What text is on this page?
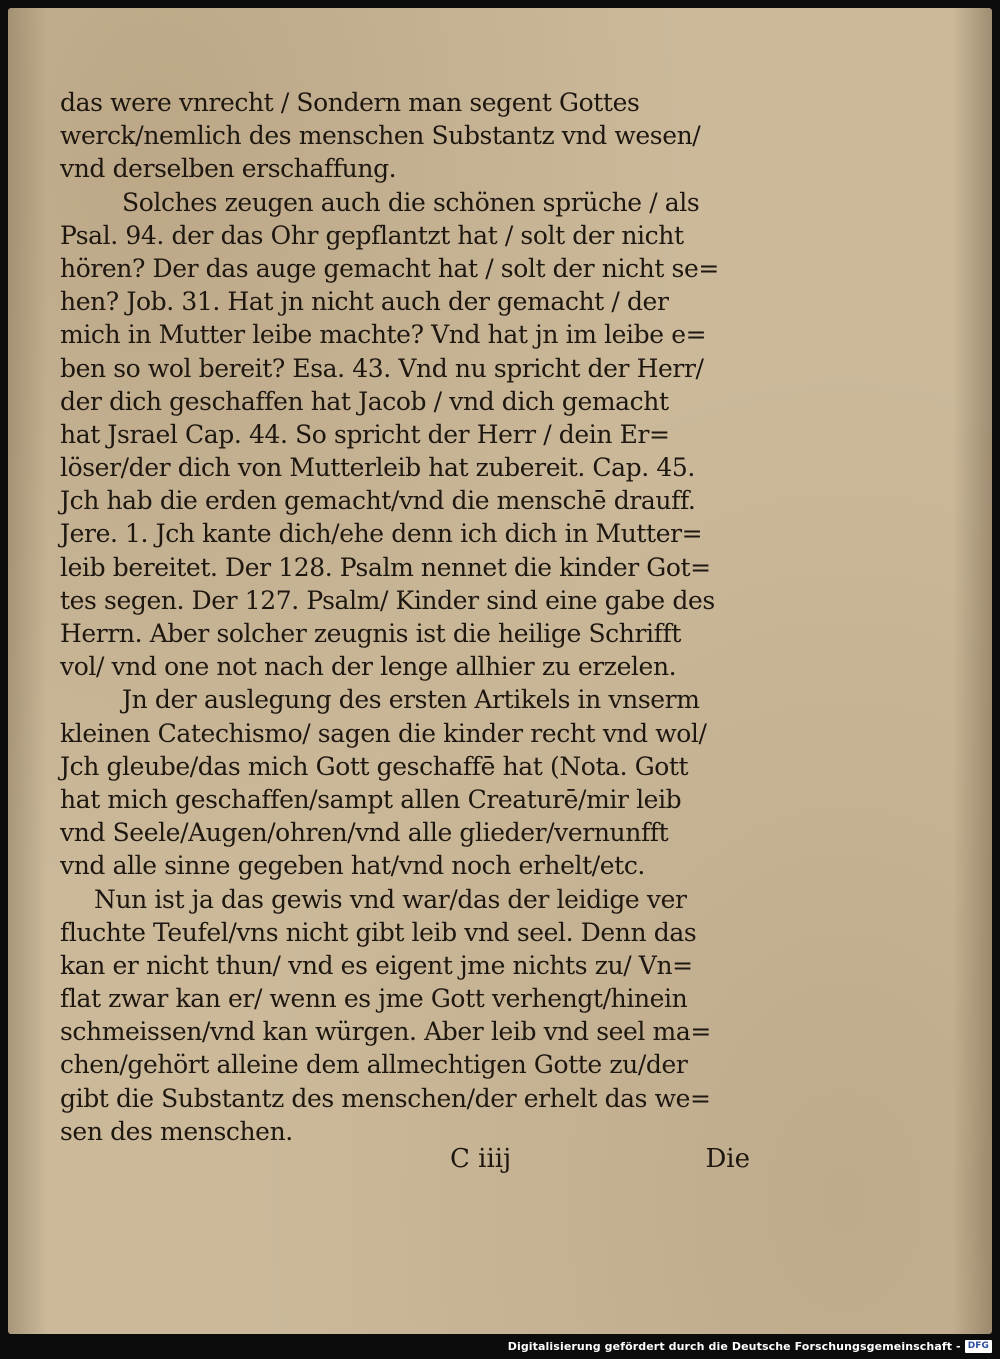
das were vnrecht / Sondern man segent Gottes
werck/nemlich des menschen Substantz vnd wesen/
vnd derselben erschaffung.
Solches zeugen auch die schönen sprüche / als
Psal. 94. der das Ohr gepflantzt hat / solt der nicht
hören? Der das auge gemacht hat / solt der nicht se=
hen? Job. 31. Hat jn nicht auch der gemacht / der
mich in Mutter leibe machte? Vnd hat jn im leibe e=
ben so wol bereit? Esa. 43. Vnd nu spricht der Herr/
der dich geschaffen hat Jacob / vnd dich gemacht
hat Jsrael Cap. 44. So spricht der Herr / dein Er=
löser/der dich von Mutterleib hat zubereit. Cap. 45.
Jch hab die erden gemacht/vnd die menschē drauff.
Jere. 1. Jch kante dich/ehe denn ich dich in Mutter=
leib bereitet. Der 128. Psalm nennet die kinder Got=
tes segen. Der 127. Psalm/ Kinder sind eine gabe des
Herrn. Aber solcher zeugnis ist die heilige Schrifft
vol/ vnd one not nach der lenge allhier zu erzelen.
Jn der auslegung des ersten Artikels in vnserm
kleinen Catechismo/ sagen die kinder recht vnd wol/
Jch gleube/das mich Gott geschaffē hat (Nota. Gott
hat mich geschaffen/sampt allen Creaturē/mir leib
vnd Seele/Augen/ohren/vnd alle glieder/vernunfft
vnd alle sinne gegeben hat/vnd noch erhelt/etc.
Nun ist ja das gewis vnd war/das der leidige ver
fluchte Teufel/vns nicht gibt leib vnd seel. Denn das
kan er nicht thun/ vnd es eigent jme nichts zu/ Vn=
flat zwar kan er/ wenn es jme Gott verhengt/hinein
schmeissen/vnd kan würgen. Aber leib vnd seel ma=
chen/gehört alleine dem allmechtigen Gotte zu/der
gibt die Substantz des menschen/der erhelt das we=
sen des menschen.
C iiij	Die
Digitalisierung gefördert durch die Deutsche Forschungsgemeinschaft - DFG
